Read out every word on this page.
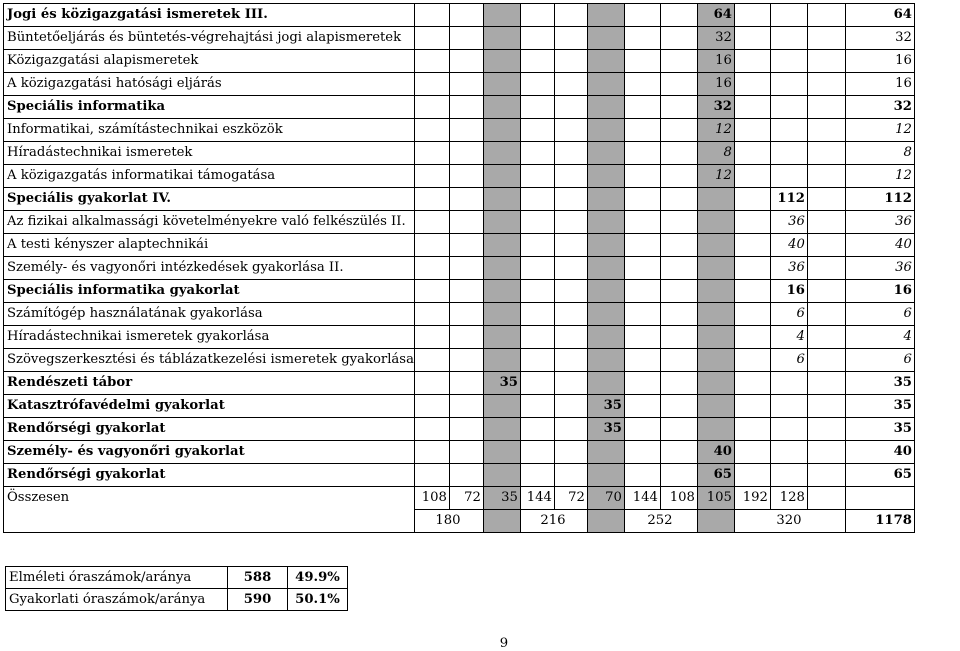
Jogi és közigazgatási ismeretek III.									64				64
Büntetőeljárás és büntetés-végrehajtási jogi alapismeretek									32				32
Közigazgatási alapismeretek									16				16
A közigazgatási hatósági eljárás									16				16
Speciális informatika									32				32
Informatikai, számítástechnikai eszközök									12				12
Híradástechnikai ismeretek									8				8
A közigazgatás informatikai támogatása									12				12
Speciális gyakorlat IV.											112		112
Az fizikai alkalmassági követelményekre való felkészülés II.											36		36
A testi kényszer alaptechnikái											40		40
Személy- és vagyonőri intézkedések gyakorlása II.											36		36
Speciális informatika gyakorlat											16		16
Számítógép használatának gyakorlása											6		6
Híradástechnikai ismeretek gyakorlása											4		4
Szövegszerkesztési és táblázatkezelési ismeretek gyakorlása											6		6
Rendészeti tábor			35										35
Katasztrófavédelmi gyakorlat						35							35
Rendőrségi gyakorlat						35							35
Személy- és vagyonőri gyakorlat									40				40
Rendőrségi gyakorlat									65				65
Összesen	108	72	35	144	72	70	144	108	105	192	128		
	180			216			252			320			1178
Elméleti óraszámok/aránya	588	49.9%
Gyakorlati óraszámok/aránya	590	50.1%
9
